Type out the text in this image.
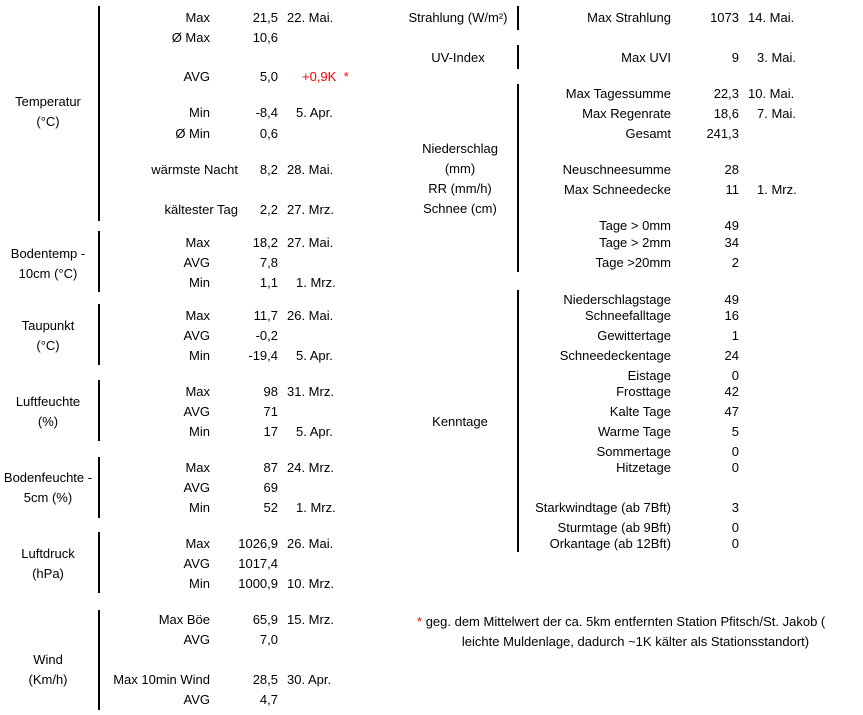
Temperatur
(°C)
Max	21,5 22. Mai.
Ø Max	10,6
AVG	5,0 +0,9K *
Min	-8,4 5. Apr.
Ø Min	0,6
wärmste Nacht 8,2 28. Mai.
kältester Tag 2,2 27. Mrz.
Bodentemp -
10cm (°C)
Max	18,2 27. Mai.
AVG	7,8
Min	1,1 1. Mrz.
Taupunkt
(°C)
Max	11,7 26. Mai.
AVG	-0,2
Min	-19,4 5. Apr.
Luftfeuchte
(%)
Max	98 31. Mrz.
AVG	71
Min	17 5. Apr.
Bodenfeuchte -
5cm (%)
Max	87 24. Mrz.
AVG	69
Min	52 1. Mrz.
Luftdruck
(hPa)
Max 1026,9 26. Mai.
AVG 1017,4
Min 1000,9 10. Mrz.
Wind
(Km/h)
Max Böe	65,9 15. Mrz.
AVG	7,0
Max 10min Wind	28,5 30. Apr.
AVG	4,7
Strahlung (W/m²)	Max Strahlung	1073 14. Mai.
UV-Index	Max UVI	9 3. Mai.
Niederschlag
(mm)
RR (mm/h)
Schnee (cm)
Max Tagessumme	22,3 10. Mai.
Max Regenrate	18,6 7. Mai.
Gesamt	241,3
Neuschneesumme	28
Max Schneedecke	11 1. Mrz.
Tage > 0mm	49
Tage > 2mm	34
Tage >20mm	2
Kenntage
Niederschlagstage	49
Schneefalltage	16
Gewittertage	1
Schneedeckentage	24
Eistage	0
Frosttage	42
Kalte Tage	47
Warme Tage	5
Sommertage	0
Hitzetage	0
Starkwindtage (ab 7Bft)	3
Sturmtage (ab 9Bft)	0
Orkantage (ab 12Bft)	0
* geg. dem Mittelwert der ca. 5km entfernten Station Pfitsch/St. Jakob (
leichte Muldenlage, dadurch ~1K kälter als Stationsstandort)
